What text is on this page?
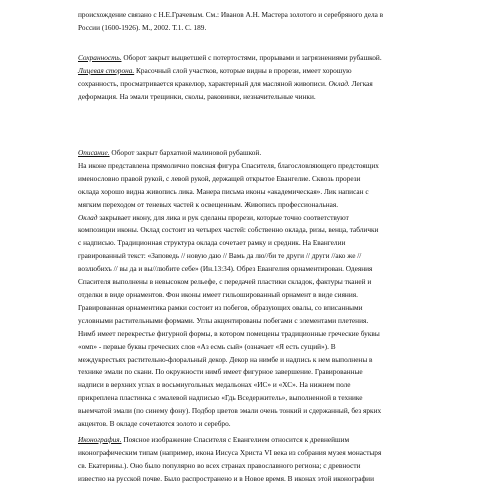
происхождение связано с Н.Е.Грачевым. См.: Иванов А.Н. Мастера золотого и серебряного дела в
России (1600-1926). М., 2002. Т.1. С. 189.
Сохранность. Оборот закрыт выцветшей с потертостями, прорывами и загрязнениями рубашкой.
Лицевая сторона. Красочный слой участков, которые видны в прорези, имеет хорошую
сохранность, просматривается кракелюр, характерный для масляной живописи. Оклад. Легкая
деформация. На эмали трещинки, сколы, раковинки, незначительные чинки.
Описание. Оборот закрыт бархатной малиновой рубашкой.
На иконе представлена прямолично поясная фигура Спасителя, благословляющего предстоящих
именословно правой рукой, с левой рукой, держащей открытое Евангелие. Сквозь прорези
оклада хорошо видна живопись лика. Манера письма иконы «академическая». Лик написан с
мягким переходом от теневых частей к освещенным. Живопись профессиональная.
Оклад закрывает икону, для лика и рук сделаны прорези, которые точно соответствуют
композиции иконы. Оклад состоит из четырех частей: собственно оклада, ризы, венца, таблички
с надписью. Традиционная структура оклада сочетает рамку и средник. На Евангелии
гравированный текст: «Заповедь // новую даю // Вамь да лю//би те други // други //ако же //
возлюбихъ // вы да и вы//любите себе» (Ин.13:34). Обрез Евангелия орнаментирован. Одеяния
Спасителя выполнены в невысоком рельефе, с передачей пластики складок, фактуры тканей и
отделки в виде орнаментов. Фон иконы имеет гильошированный орнамент в виде сияния.
Гравированная орнаментика рамки состоит из побегов, образующих овалы, со вписанными
условными растительными формами. Углы акцентированы побегами с элементами плетения.
Нимб имеет перекрестье фигурной формы, в котором помещены традиционные греческие буквы
«омn» - первые буквы греческих слов «Аз есмь сый» (означает «Я есть сущий»). В
междукрестьях растительно-флоральный декор. Декор на нимбе и надпись к нем выполнены в
технике эмали по скани. По окружности нимб имеет фигурное завершение. Гравированные
надписи в верхних углах в восьмиугольных медальонах «ИС» и «ХС». На нижнем поле
прикреплена пластинка с эмалевой надписью «Гдь Вседержитель», выполненной в технике
выемчатой эмали (по синему фону). Подбор цветов эмали очень тонкий и сдержанный, без ярких
акцентов. В окладе сочетаются золото и серебро.
Иконография. Поясное изображение Спасителя с Евангелием относится к древнейшим
иконографическим типам (например, икона Иисуса Христа VI века из собрания музея монастыря
св. Екатерины.). Оно было популярно во всех странах православного региона; с древности
известно на русской почве. Было распространено и в Новое время. В иконах этой иконографии
